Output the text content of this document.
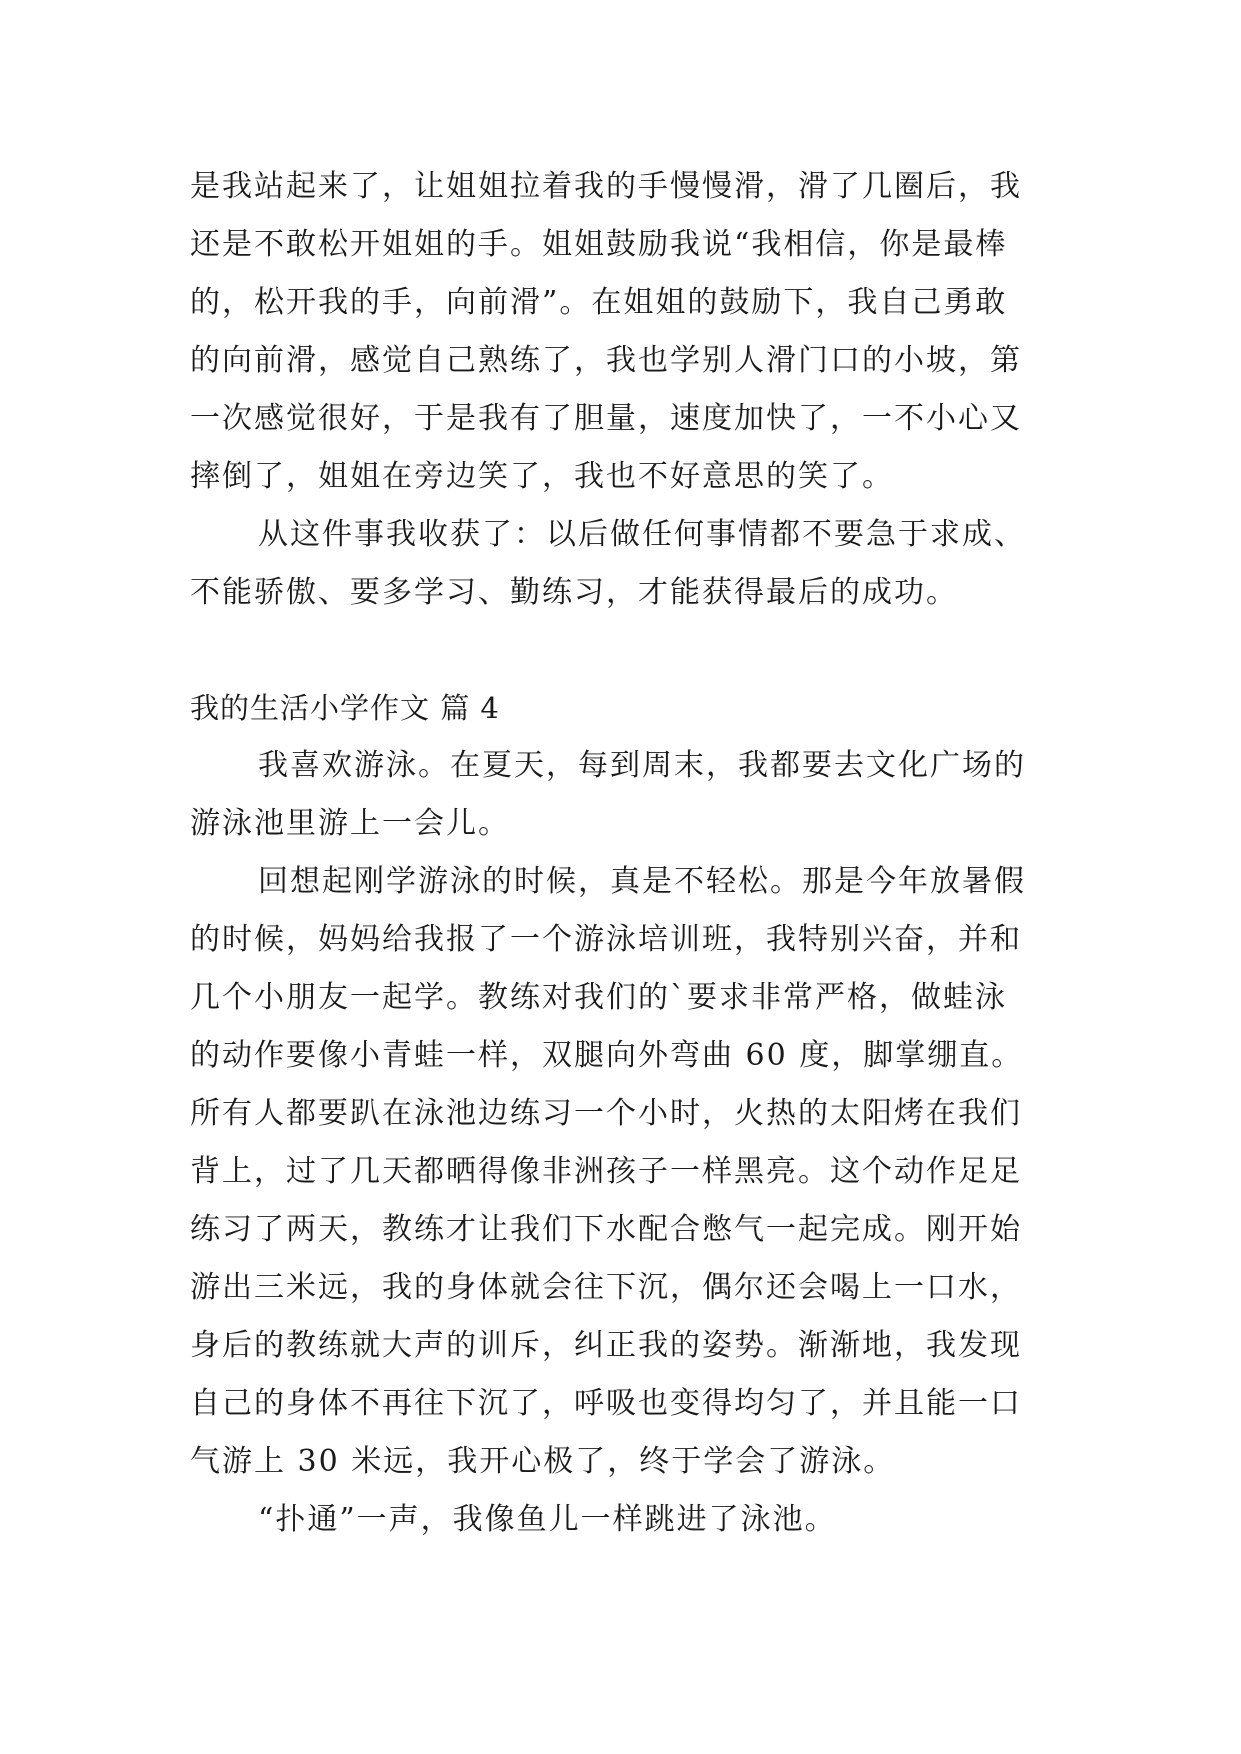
是我站起来了，让姐姐拉着我的手慢慢滑，滑了几圈后，我
还是不敢松开姐姐的手。姐姐鼓励我说“我相信，你是最棒
的，松开我的手，向前滑”。在姐姐的鼓励下，我自己勇敢
的向前滑，感觉自己熟练了，我也学别人滑门口的小坡，第
一次感觉很好，于是我有了胆量，速度加快了，一不小心又
摔倒了，姐姐在旁边笑了，我也不好意思的笑了。
从这件事我收获了：以后做任何事情都不要急于求成、
不能骄傲、要多学习、勤练习，才能获得最后的成功。
我的生活小学作文 篇 4
我喜欢游泳。在夏天，每到周末，我都要去文化广场的
游泳池里游上一会儿。
回想起刚学游泳的时候，真是不轻松。那是今年放暑假
的时候，妈妈给我报了一个游泳培训班，我特别兴奋，并和
几个小朋友一起学。教练对我们的`要求非常严格，做蛙泳
的动作要像小青蛙一样，双腿向外弯曲 60 度，脚掌绷直。
所有人都要趴在泳池边练习一个小时，火热的太阳烤在我们
背上，过了几天都晒得像非洲孩子一样黑亮。这个动作足足
练习了两天，教练才让我们下水配合憋气一起完成。刚开始
游出三米远，我的身体就会往下沉，偶尔还会喝上一口水，
身后的教练就大声的训斥，纠正我的姿势。渐渐地，我发现
自己的身体不再往下沉了，呼吸也变得均匀了，并且能一口
气游上 30 米远，我开心极了，终于学会了游泳。
“扑通”一声，我像鱼儿一样跳进了泳池。
